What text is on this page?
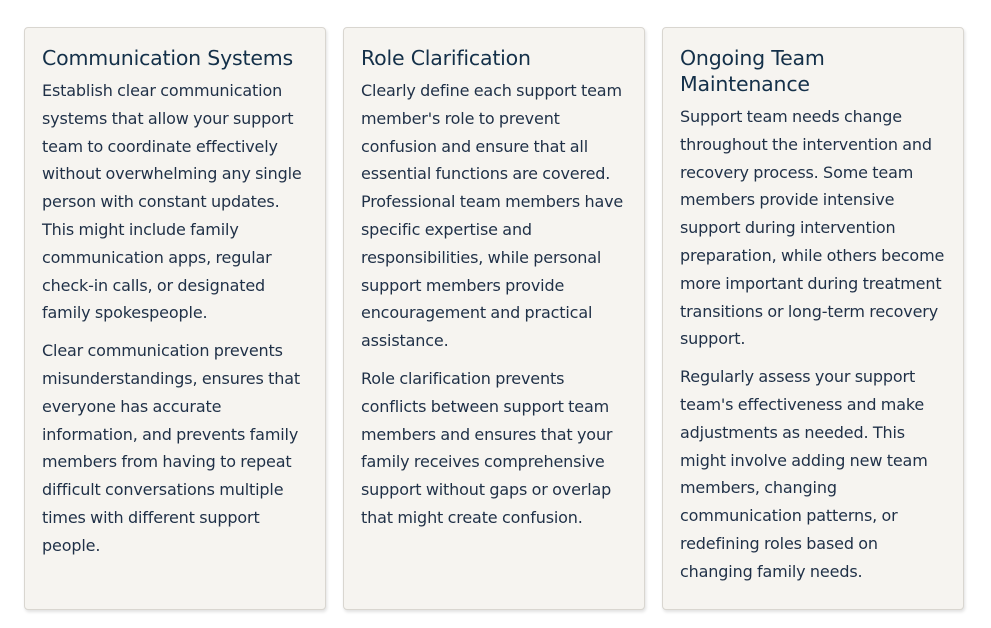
Communication Systems

Establish clear communication systems that allow your support team to coordinate effectively without overwhelming any single person with constant updates. This might include family communication apps, regular check-in calls, or designated family spokespeople.

Clear communication prevents misunderstandings, ensures that everyone has accurate information, and prevents family members from having to repeat difficult conversations multiple times with different support people.

Role Clarification

Clearly define each support team member's role to prevent confusion and ensure that all essential functions are covered. Professional team members have specific expertise and responsibilities, while personal support members provide encouragement and practical assistance.

Role clarification prevents conflicts between support team members and ensures that your family receives comprehensive support without gaps or overlap that might create confusion.

Ongoing Team Maintenance

Support team needs change throughout the intervention and recovery process. Some team members provide intensive support during intervention preparation, while others become more important during treatment transitions or long-term recovery support.

Regularly assess your support team's effectiveness and make adjustments as needed. This might involve adding new team members, changing communication patterns, or redefining roles based on changing family needs.
